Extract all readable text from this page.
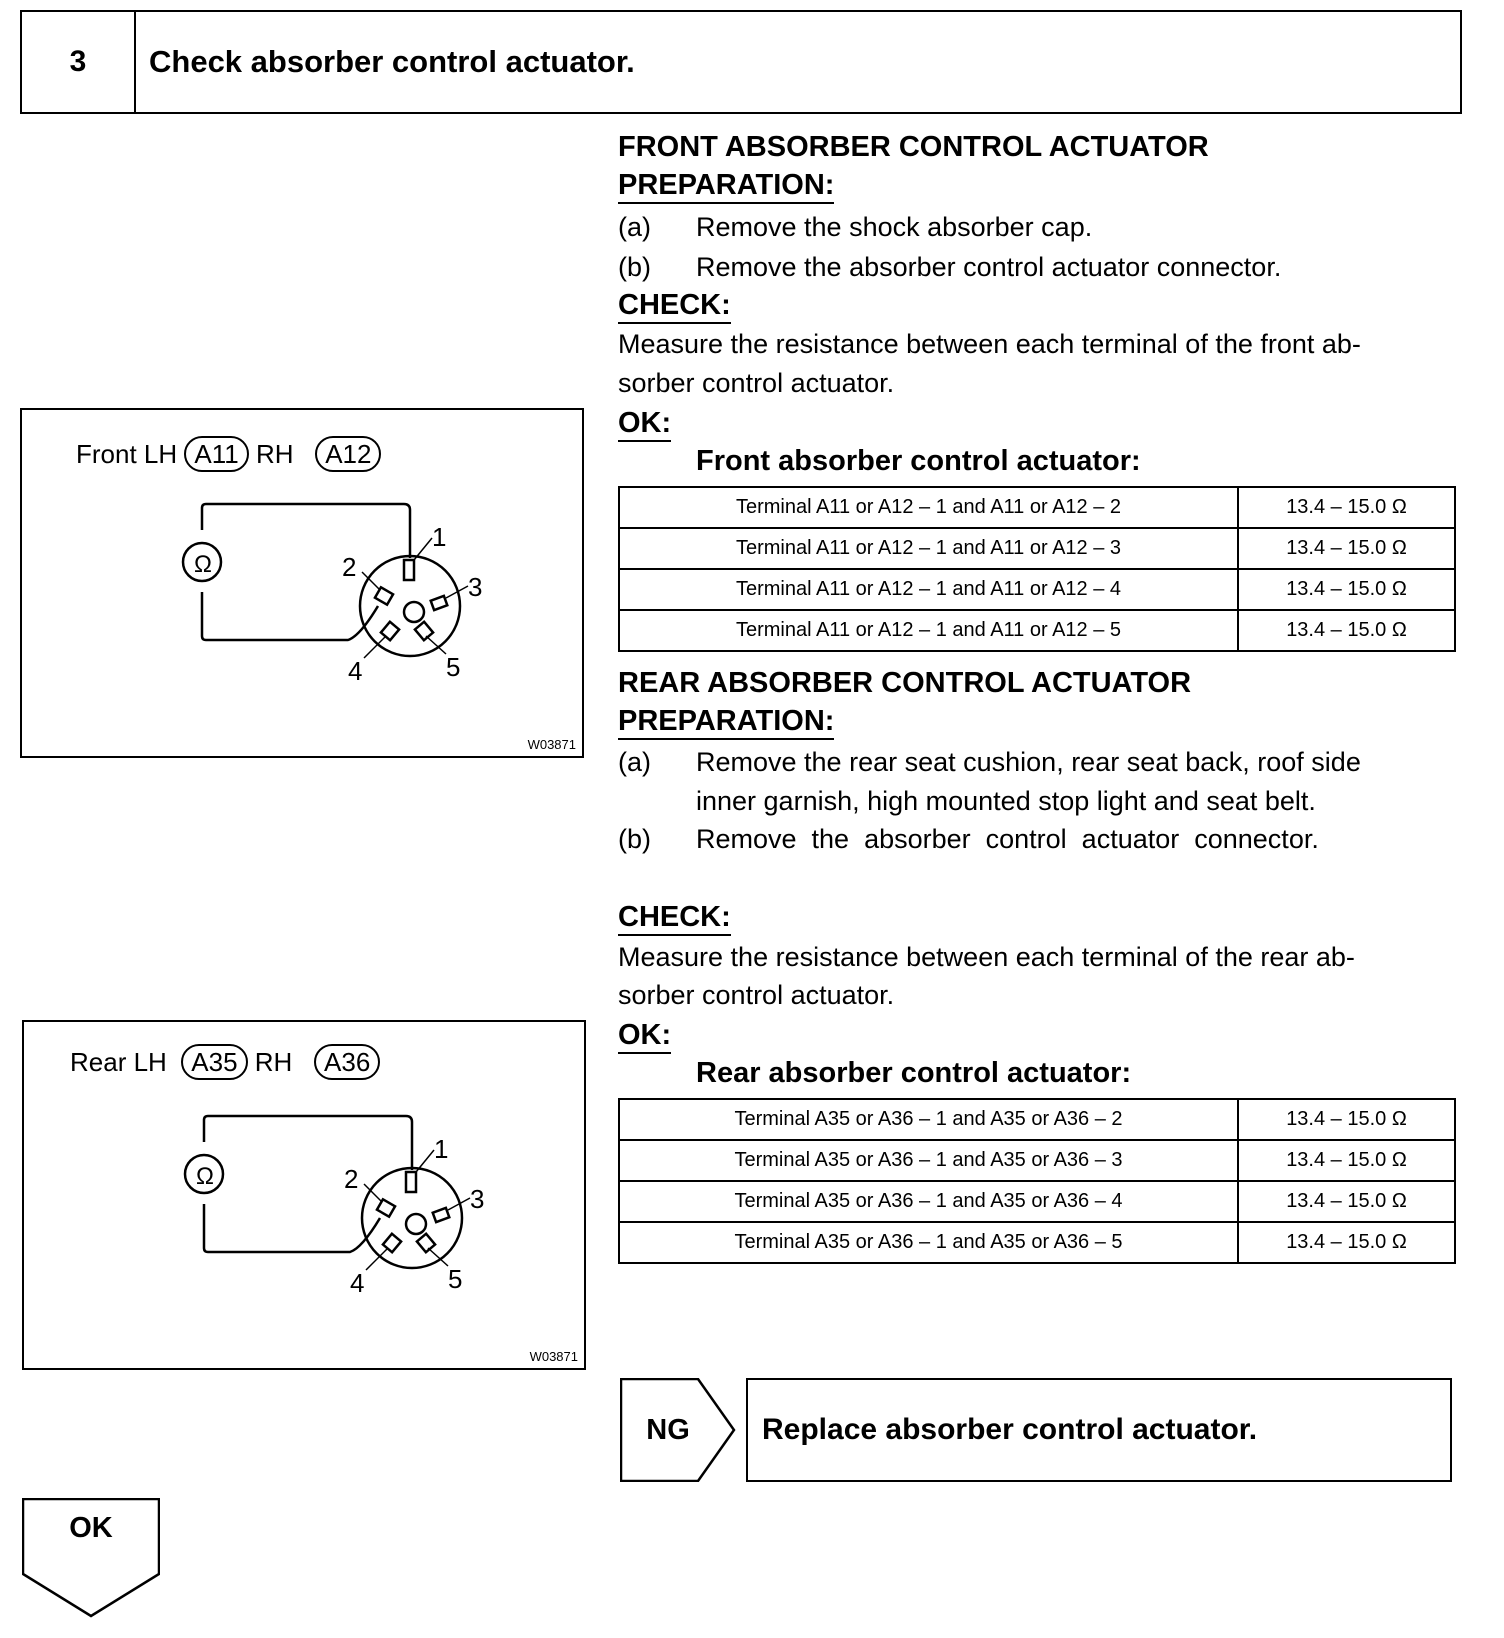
3	Check absorber control actuator.
FRONT ABSORBER CONTROL ACTUATOR
PREPARATION:
(a) Remove the shock absorber cap.
(b) Remove the absorber control actuator connector.
CHECK:
Measure the resistance between each terminal of the front ab-
sorber control actuator.
OK:
Front absorber control actuator:
Terminal A11 or A12 – 1 and A11 or A12 – 2	13.4 – 15.0 Ω
Terminal A11 or A12 – 1 and A11 or A12 – 3	13.4 – 15.0 Ω
Terminal A11 or A12 – 1 and A11 or A12 – 4	13.4 – 15.0 Ω
Terminal A11 or A12 – 1 and A11 or A12 – 5	13.4 – 15.0 Ω
REAR ABSORBER CONTROL ACTUATOR
PREPARATION:
(a) Remove the rear seat cushion, rear seat back, roof side
inner garnish, high mounted stop light and seat belt.
(b) Remove  the  absorber  control  actuator  connector.
CHECK:
Measure the resistance between each terminal of the rear ab-
sorber control actuator.
OK:
Rear absorber control actuator:
Terminal A35 or A36 – 1 and A35 or A36 – 2	13.4 – 15.0 Ω
Terminal A35 or A36 – 1 and A35 or A36 – 3	13.4 – 15.0 Ω
Terminal A35 or A36 – 1 and A35 or A36 – 4	13.4 – 15.0 Ω
Terminal A35 or A36 – 1 and A35 or A36 – 5	13.4 – 15.0 Ω
Front LH A11 RH A12
Ω
1
2
3
4	5
W03871
Rear LH A35 RH A36
Ω
1
2
3
4	5
W03871
NG	Replace absorber control actuator.
OK
